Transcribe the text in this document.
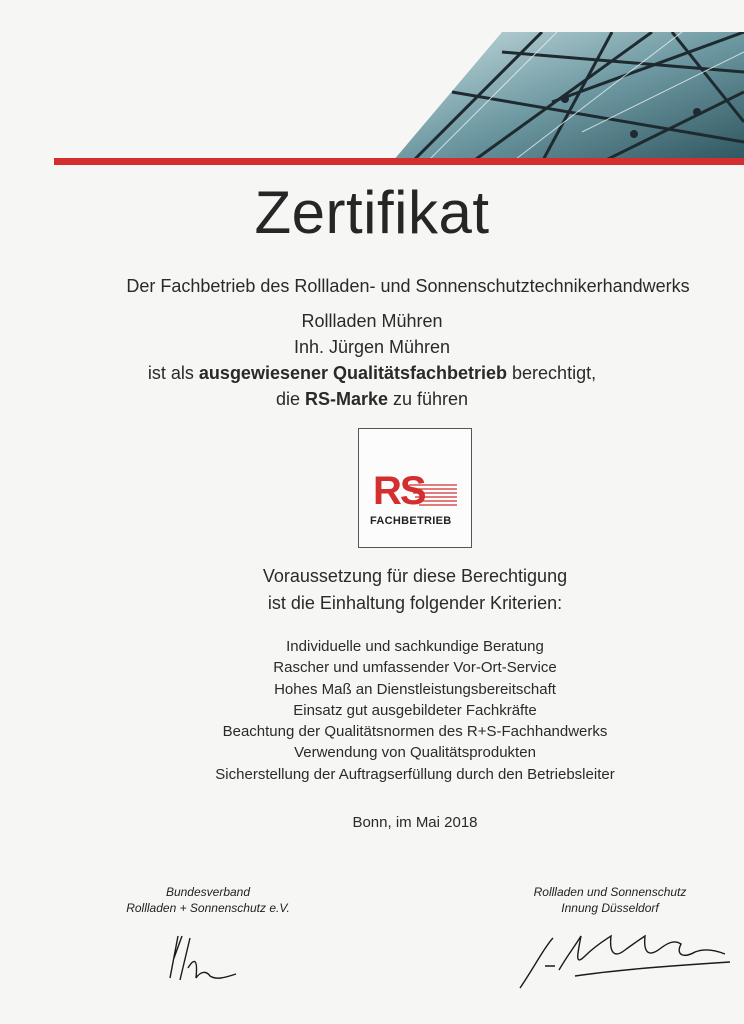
Zertifikat
Der Fachbetrieb des Rollladen- und Sonnenschutztechnikerhandwerks
Rollladen Mühren
Inh. Jürgen Mühren
ist als ausgewiesener Qualitätsfachbetrieb berechtigt,
die RS-Marke zu führen
RS
FACHBETRIEB
Voraussetzung für diese Berechtigung
ist die Einhaltung folgender Kriterien:
Individuelle und sachkundige Beratung
Rascher und umfassender Vor-Ort-Service
Hohes Maß an Dienstleistungsbereitschaft
Einsatz gut ausgebildeter Fachkräfte
Beachtung der Qualitätsnormen des R+S-Fachhandwerks
Verwendung von Qualitätsprodukten
Sicherstellung der Auftragserfüllung durch den Betriebsleiter
Bonn, im Mai 2018
Bundesverband
Rollladen + Sonnenschutz e.V.
Rollladen und Sonnenschutz
Innung Düsseldorf
